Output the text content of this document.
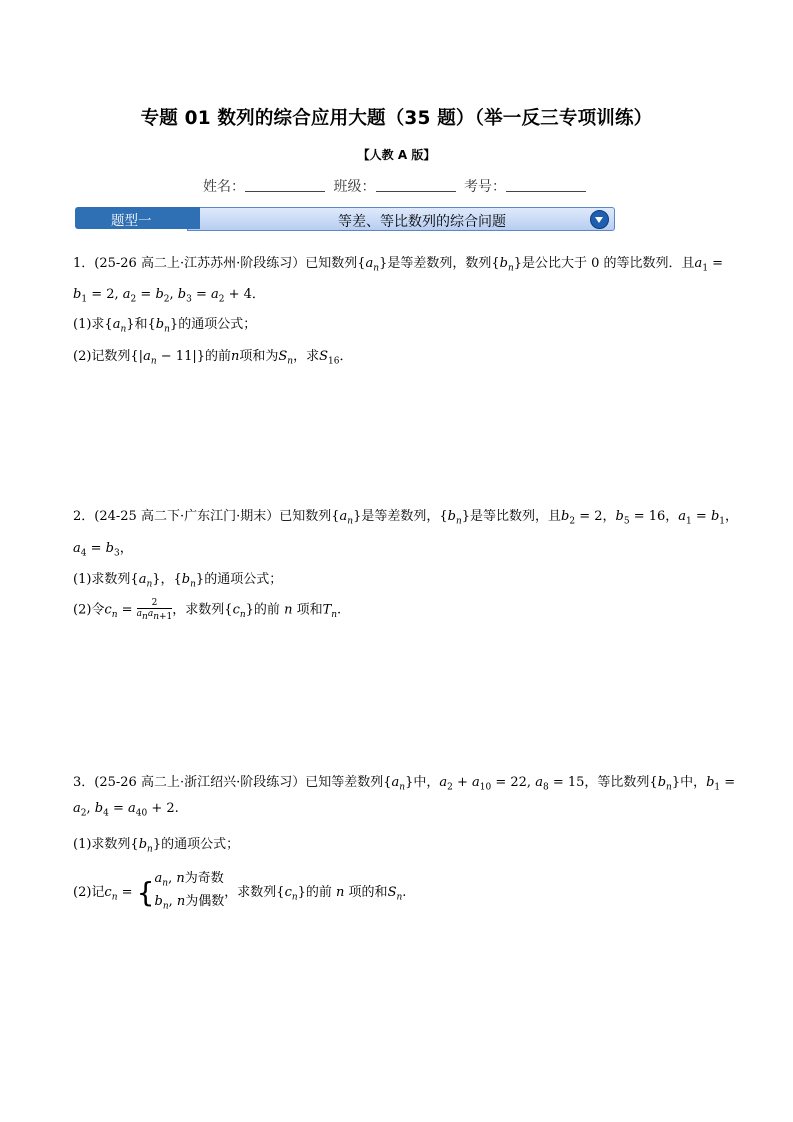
专题 01 数列的综合应用大题（35 题）（举一反三专项训练）
【人教 A 版】
姓名：	班级：	考号：
等差、等比数列的综合问题
题型一
1．(25-26 高二上·江苏苏州·阶段练习）已知数列$\{a_n\}$是等差数列，数列$\{b_n\}$是公比大于 0 的等比数列．且$a_1$ =
$b_1 = 2$, $a_2 = b_2$, $b_3 = a_2 + 4$．
(1)求$\{a_n\}$和$\{b_n\}$的通项公式；
(2)记数列$\{|a_n - 11|\}$的前n项和为$S_n$，求$S_{16}$．
2．(24-25 高二下·广东江门·期末）已知数列$\{a_n\}$是等差数列，$\{b_n\}$是等比数列，且$b_2 = 2$，$b_5 = 16$，$a_1 = b_1$，
$a_4 = b_3$，
(1)求数列$\{a_n\}$，$\{b_n\}$的通项公式；
(2)令$c_n = \frac{2}{a_na_{n+1}}$ ，求数列$\{c_n\}$的前 n 项和$T_n$.
3．(25-26 高二上·浙江绍兴·阶段练习）已知等差数列$\{a_n\}$中，$a_2 + a_{10} = 22$, $a_8 = 15$，等比数列$\{b_n\}$中，$b_1$ =
$a_2$, $b_4 = a_{40} + 2$.
(1)求数列$\{b_n\}$的通项公式；
(2)记$c_n$ = { $a_n$, n为奇数
$b_n$, n为偶数
，求数列$\{c_n\}$的前 n 项的和$S_n$.
